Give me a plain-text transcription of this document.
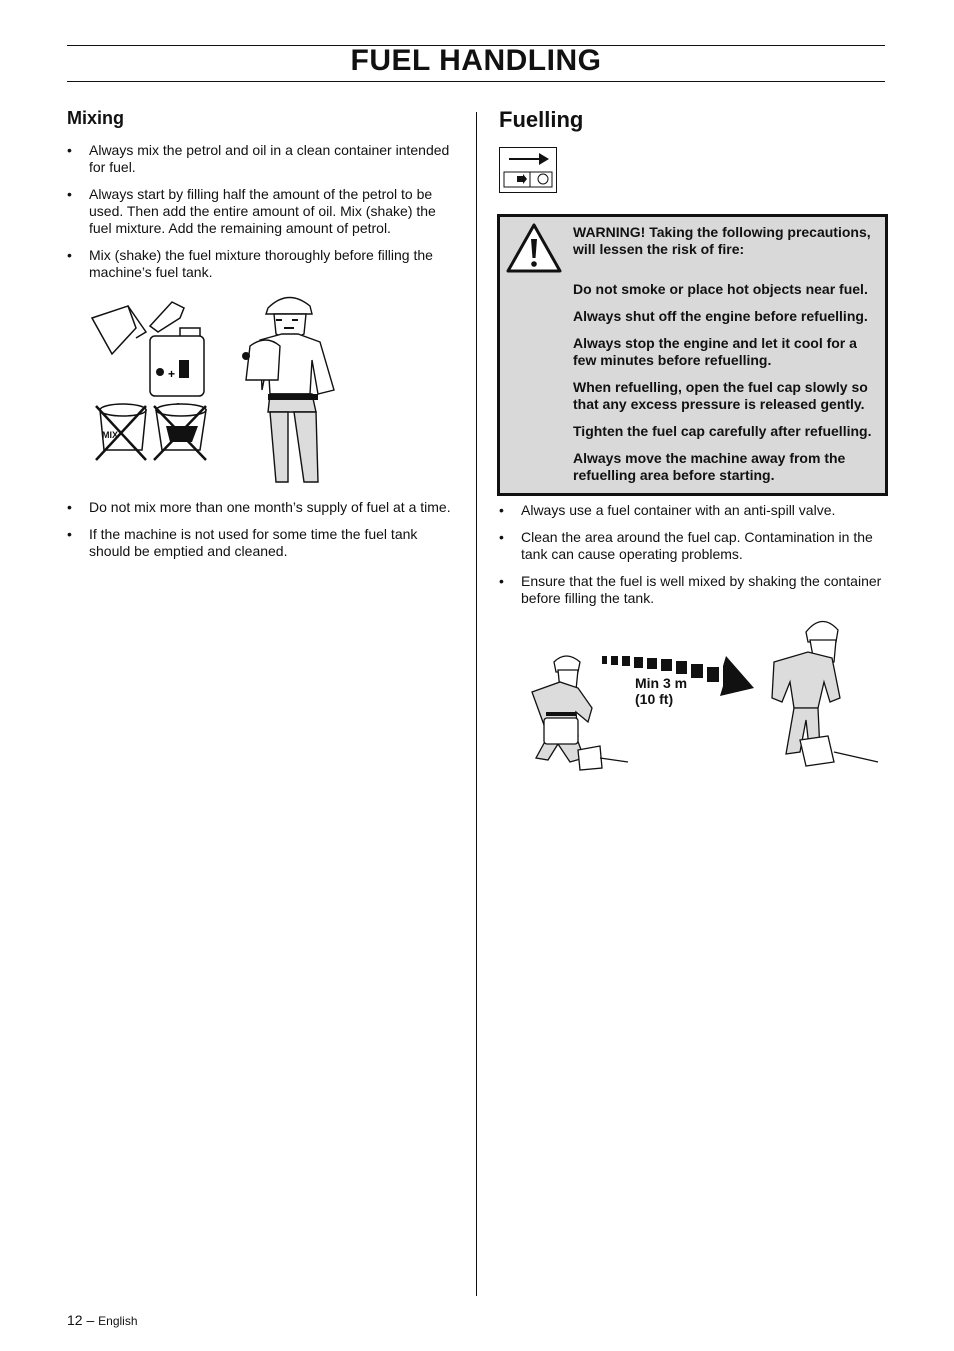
FUEL HANDLING
Mixing
• Always mix the petrol and oil in a clean container intended for fuel.
• Always start by filling half the amount of the petrol to be used. Then add the entire amount of oil. Mix (shake) the fuel mixture. Add the remaining amount of petrol.
• Mix (shake) the fuel mixture thoroughly before filling the machine’s fuel tank.
+
MIX
• Do not mix more than one month’s supply of fuel at a time.
• If the machine is not used for some time the fuel tank should be emptied and cleaned.
Fuelling

WARNING! Taking the following precautions, will lessen the risk of fire:

Do not smoke or place hot objects near fuel.

Always shut off the engine before refuelling.

Always stop the engine and let it cool for a few minutes before refuelling.

When refuelling, open the fuel cap slowly so that any excess pressure is released gently.

Tighten the fuel cap carefully after refuelling.

Always move the machine away from the refuelling area before starting.

• Always use a fuel container with an anti-spill valve.
• Clean the area around the fuel cap. Contamination in the tank can cause operating problems.
• Ensure that the fuel is well mixed by shaking the container before filling the tank.
Min 3 m
(10 ft)
12 – English
